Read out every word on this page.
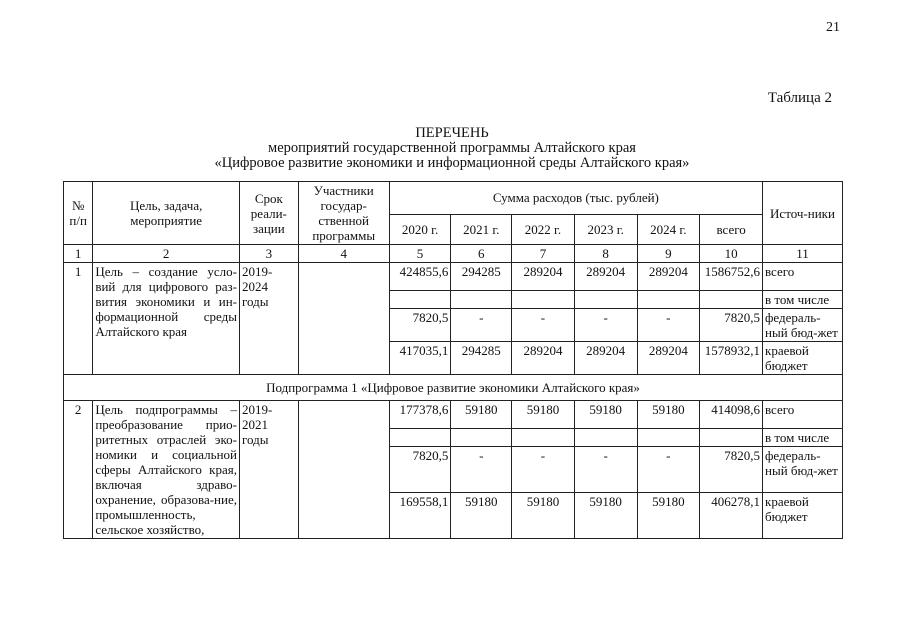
21
Таблица 2
ПЕРЕЧЕНЬ
мероприятий государственной программы Алтайского края
«Цифровое развитие экономики и информационной среды Алтайского края»
№ п/п	Цель, задача, мероприятие	Срок реали-зации	Участники государ-ственной программы	Сумма расходов (тыс. рублей)						Источ-ники
				2020 г.	2021 г.	2022 г.	2023 г.	2024 г.	всего	
1	2	3	4	5	6	7	8	9	10	11
1	Цель – создание усло-вий для цифрового раз-вития экономики и ин-формационной среды Алтайского края	2019-2024 годы		424855,6	294285	289204	289204	289204	1586752,6	всего
										в том числе
				7820,5	-	-	-	-	7820,5	федераль-ный бюд-жет
				417035,1	294285	289204	289204	289204	1578932,1	краевой бюджет
Подпрограмма 1 «Цифровое развитие экономики Алтайского края»										
2	Цель подпрограммы – преобразование прио-ритетных отраслей эко-номики и социальной сферы Алтайского края, включая здраво-охранение, образова-ние, промышленность, сельское хозяйство,	2019-2021 годы		177378,6	59180	59180	59180	59180	414098,6	всего
										в том числе
				7820,5	-	-	-	-	7820,5	федераль-ный бюд-жет
				169558,1	59180	59180	59180	59180	406278,1	краевой бюджет
